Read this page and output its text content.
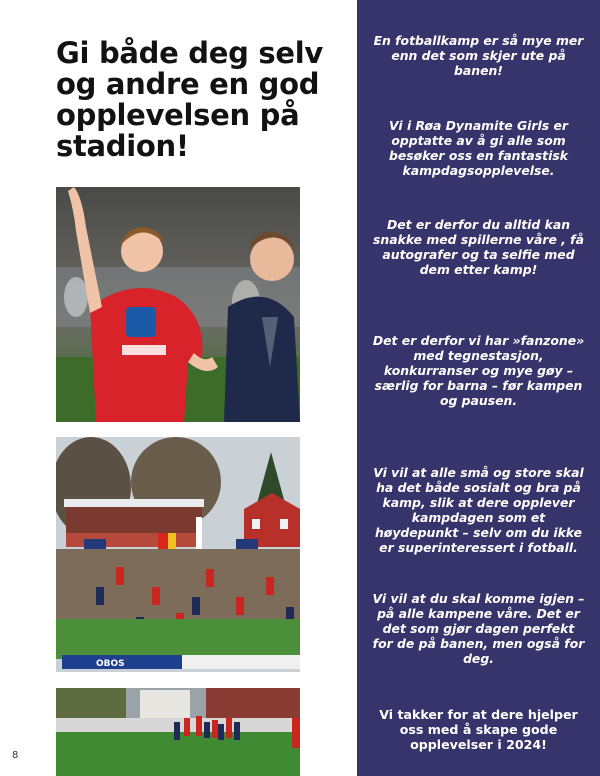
Gi både deg selv og andre en god opplevelsen på stadion!
OBOS
8

En fotballkamp er så mye mer enn det som skjer ute på banen!

Vi i Røa Dynamite Girls er opptatte av å gi alle som besøker oss en fantastisk kampdagsopplevelse.

Det er derfor du alltid kan snakke med spillerne våre , få autografer og ta selfie med dem etter kamp!

Det er derfor vi har »fanzone» med tegnestasjon, konkurranser og mye gøy – særlig for barna – før kampen og pausen.

Vi vil at alle små og store skal ha det både sosialt og bra på kamp, slik at dere opplever kampdagen som et høydepunkt – selv om du ikke er superinteressert i fotball.

Vi vil at du skal komme igjen – på alle kampene våre. Det er det som gjør dagen perfekt for de på banen, men også for deg.

Vi takker for at dere hjelper oss med å skape gode opplevelser i 2024!
